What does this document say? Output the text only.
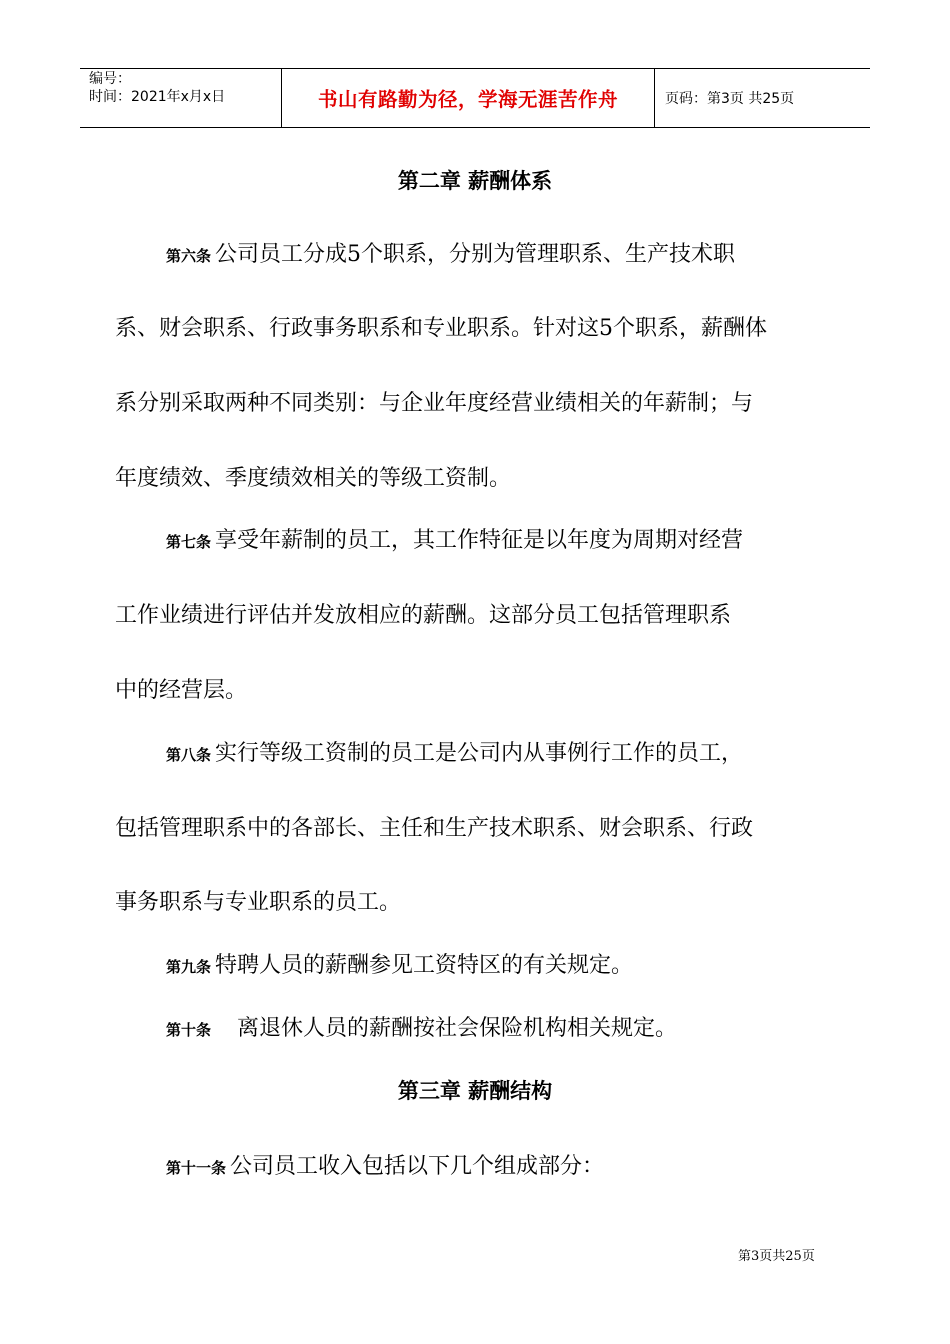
编号：
时间：2021年x月x日	书山有路勤为径，学海无涯苦作舟	页码：第3页 共25页
第二章 薪酬体系
第六条 公司员工分成5个职系，分别为管理职系、生产技术职
系、财会职系、行政事务职系和专业职系。针对这5个职系，薪酬体
系分别采取两种不同类别：与企业年度经营业绩相关的年薪制；与
年度绩效、季度绩效相关的等级工资制。
第七条 享受年薪制的员工，其工作特征是以年度为周期对经营
工作业绩进行评估并发放相应的薪酬。这部分员工包括管理职系
中的经营层。
第八条 实行等级工资制的员工是公司内从事例行工作的员工，
包括管理职系中的各部长、主任和生产技术职系、财会职系、行政
事务职系与专业职系的员工。
第九条 特聘人员的薪酬参见工资特区的有关规定。
第十条 离退休人员的薪酬按社会保险机构相关规定。
第三章 薪酬结构
第十一条 公司员工收入包括以下几个组成部分：
第3页共25页
